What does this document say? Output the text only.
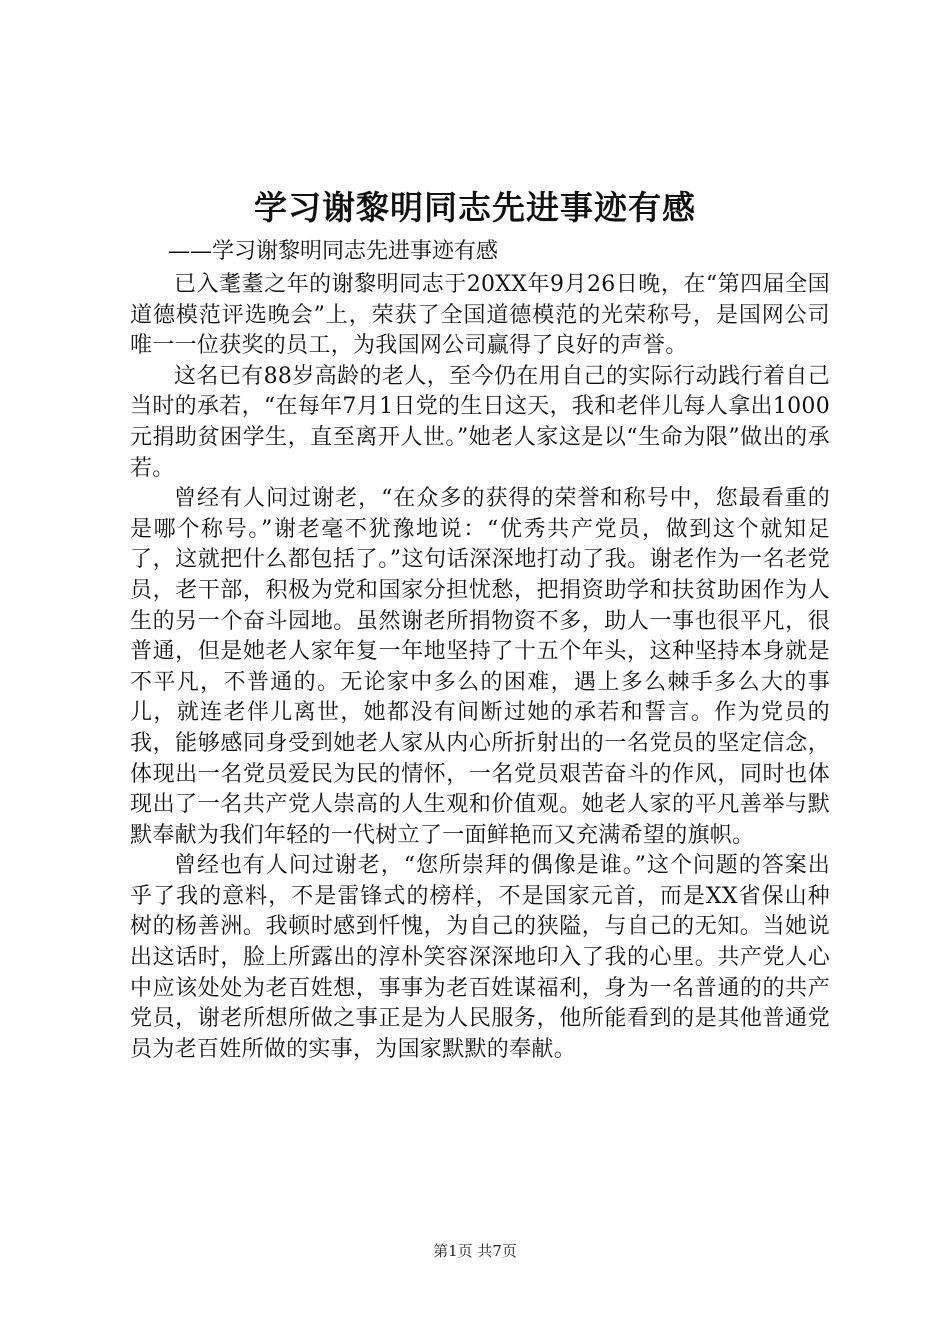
学习谢黎明同志先进事迹有感

——学习谢黎明同志先进事迹有感

已入耄耋之年的谢黎明同志于20XX年9月26日晚，在“第四届全国道德模范评选晚会”上，荣获了全国道德模范的光荣称号，是国网公司唯一一位获奖的员工，为我国网公司赢得了良好的声誉。

这名已有88岁高龄的老人，至今仍在用自己的实际行动践行着自己当时的承若，“在每年7月1日党的生日这天，我和老伴儿每人拿出1000元捐助贫困学生，直至离开人世。”她老人家这是以“生命为限”做出的承若。

曾经有人问过谢老，“在众多的获得的荣誉和称号中，您最看重的是哪个称号。”谢老毫不犹豫地说：“优秀共产党员，做到这个就知足了，这就把什么都包括了。”这句话深深地打动了我。谢老作为一名老党员，老干部，积极为党和国家分担忧愁，把捐资助学和扶贫助困作为人生的另一个奋斗园地。虽然谢老所捐物资不多，助人一事也很平凡，很普通，但是她老人家年复一年地坚持了十五个年头，这种坚持本身就是不平凡，不普通的。无论家中多么的困难，遇上多么棘手多么大的事儿，就连老伴儿离世，她都没有间断过她的承若和誓言。作为党员的我，能够感同身受到她老人家从内心所折射出的一名党员的坚定信念，体现出一名党员爱民为民的情怀，一名党员艰苦奋斗的作风，同时也体现出了一名共产党人崇高的人生观和价值观。她老人家的平凡善举与默默奉献为我们年轻的一代树立了一面鲜艳而又充满希望的旗帜。

曾经也有人问过谢老，“您所崇拜的偶像是谁。”这个问题的答案出乎了我的意料，不是雷锋式的榜样，不是国家元首，而是XX省保山种树的杨善洲。我顿时感到忏愧，为自己的狭隘，与自己的无知。当她说出这话时，脸上所露出的淳朴笑容深深地印入了我的心里。共产党人心中应该处处为老百姓想，事事为老百姓谋福利，身为一名普通的的共产党员，谢老所想所做之事正是为人民服务，他所能看到的是其他普通党员为老百姓所做的实事，为国家默默的奉献。

第1页 共7页
